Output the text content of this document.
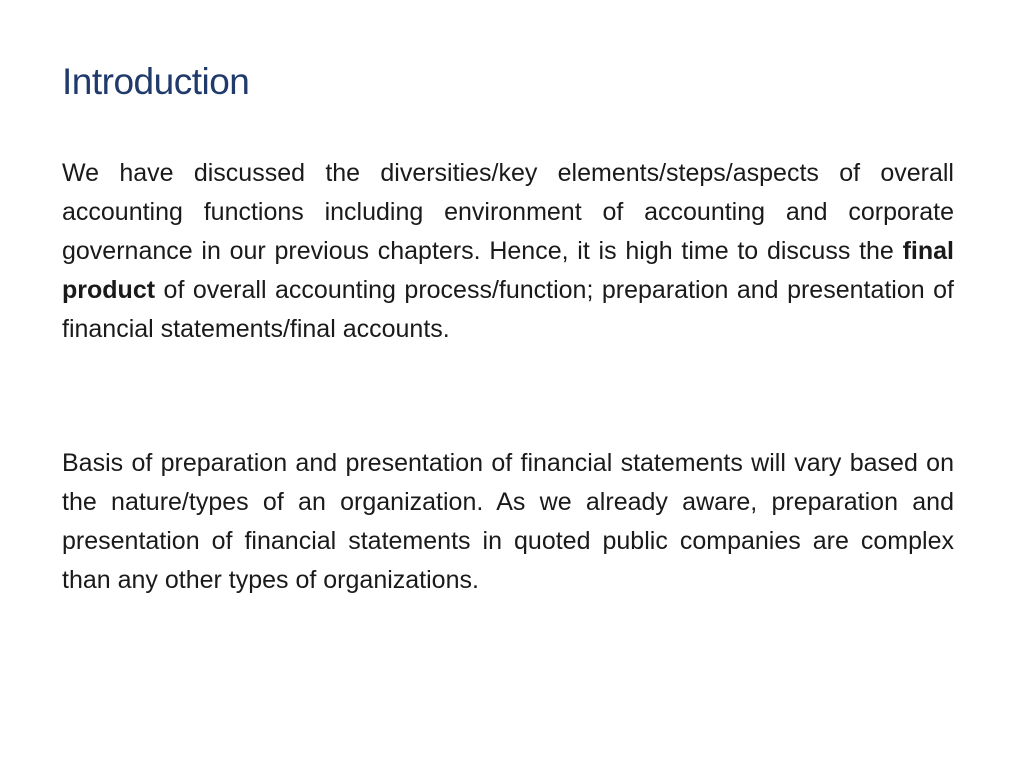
Introduction

We have discussed the diversities/key elements/steps/aspects of overall accounting functions including environment of accounting and corporate governance in our previous chapters. Hence, it is high time to discuss the final product of overall accounting process/function; preparation and presentation of financial statements/final accounts.

Basis of preparation and presentation of financial statements will vary based on the nature/types of an organization. As we already aware, preparation and presentation of financial statements in quoted public companies are complex than any other types of organizations.
